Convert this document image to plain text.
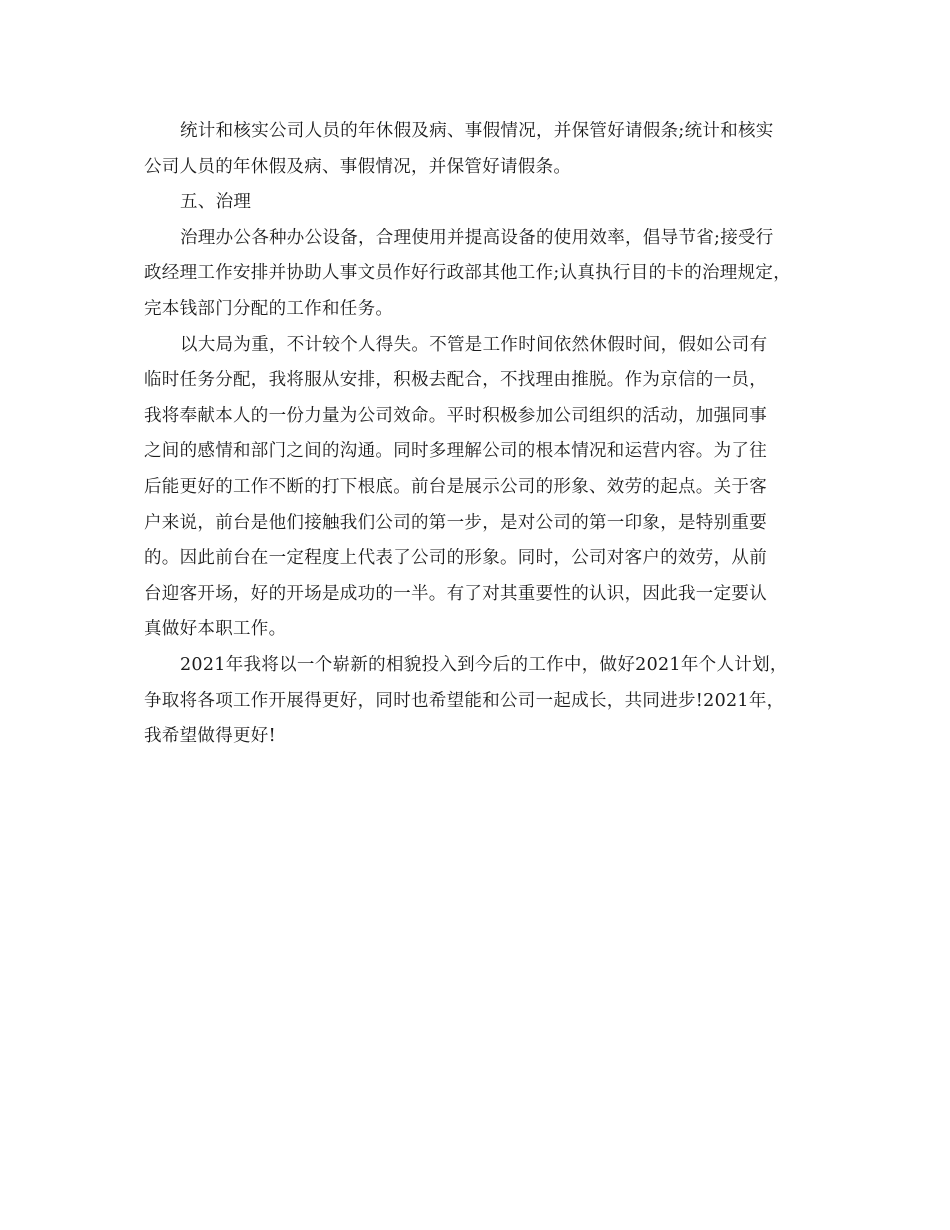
统计和核实公司人员的年休假及病、事假情况，并保管好请假条;统计和核实
公司人员的年休假及病、事假情况，并保管好请假条。

五、治理

治理办公各种办公设备，合理使用并提高设备的使用效率，倡导节省;接受行
政经理工作安排并协助人事文员作好行政部其他工作;认真执行目的卡的治理规定，
完本钱部门分配的工作和任务。

以大局为重，不计较个人得失。不管是工作时间依然休假时间，假如公司有
临时任务分配，我将服从安排，积极去配合，不找理由推脱。作为京信的一员，
我将奉献本人的一份力量为公司效命。平时积极参加公司组织的活动，加强同事
之间的感情和部门之间的沟通。同时多理解公司的根本情况和运营内容。为了往
后能更好的工作不断的打下根底。前台是展示公司的形象、效劳的起点。关于客
户来说，前台是他们接触我们公司的第一步，是对公司的第一印象，是特别重要
的。因此前台在一定程度上代表了公司的形象。同时，公司对客户的效劳，从前
台迎客开场，好的开场是成功的一半。有了对其重要性的认识，因此我一定要认
真做好本职工作。

2021年我将以一个崭新的相貌投入到今后的工作中，做好2021年个人计划，
争取将各项工作开展得更好，同时也希望能和公司一起成长，共同进步!2021年，
我希望做得更好!
